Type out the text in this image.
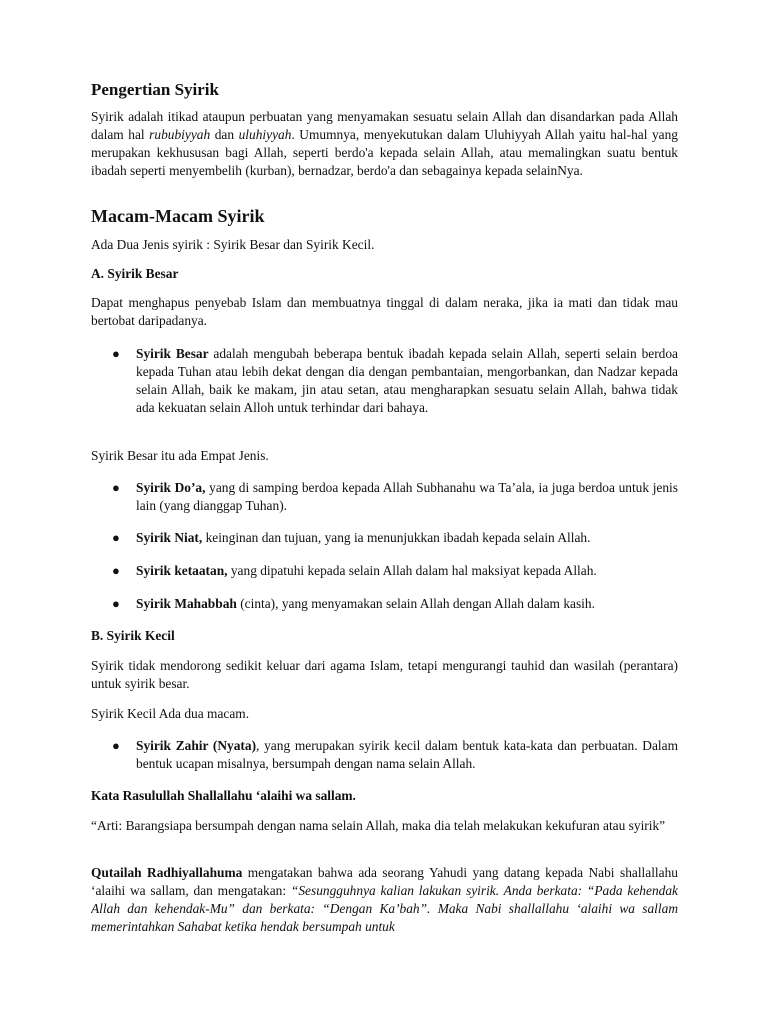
Pengertian Syirik

Syirik adalah itikad ataupun perbuatan yang menyamakan sesuatu selain Allah dan disandarkan pada Allah dalam hal rububiyyah dan uluhiyyah. Umumnya, menyekutukan dalam Uluhiyyah Allah yaitu hal-hal yang merupakan kekhususan bagi Allah, seperti berdo'a kepada selain Allah, atau memalingkan suatu bentuk ibadah seperti menyembelih (kurban), bernadzar, berdo'a dan sebagainya kepada selainNya.

Macam-Macam Syirik

Ada Dua Jenis syirik : Syirik Besar dan Syirik Kecil.

A. Syirik Besar

Dapat menghapus penyebab Islam dan membuatnya tinggal di dalam neraka, jika ia mati dan tidak mau bertobat daripadanya.

● Syirik Besar adalah mengubah beberapa bentuk ibadah kepada selain Allah, seperti selain berdoa kepada Tuhan atau lebih dekat dengan dia dengan pembantaian, mengorbankan, dan Nadzar kepada selain Allah, baik ke makam, jin atau setan, atau mengharapkan sesuatu selain Allah, bahwa tidak ada kekuatan selain Alloh untuk terhindar dari bahaya.

Syirik Besar itu ada Empat Jenis.

● Syirik Do’a, yang di samping berdoa kepada Allah Subhanahu wa Ta’ala, ia juga berdoa untuk jenis lain (yang dianggap Tuhan).
● Syirik Niat, keinginan dan tujuan, yang ia menunjukkan ibadah kepada selain Allah.
● Syirik ketaatan, yang dipatuhi kepada selain Allah dalam hal maksiyat kepada Allah.
● Syirik Mahabbah (cinta), yang menyamakan selain Allah dengan Allah dalam kasih.

B. Syirik Kecil

Syirik tidak mendorong sedikit keluar dari agama Islam, tetapi mengurangi tauhid dan wasilah (perantara) untuk syirik besar.

Syirik Kecil Ada dua macam.

● Syirik Zahir (Nyata), yang merupakan syirik kecil dalam bentuk kata-kata dan perbuatan. Dalam bentuk ucapan misalnya, bersumpah dengan nama selain Allah.

Kata Rasulullah Shallallahu ‘alaihi wa sallam.

“Arti: Barangsiapa bersumpah dengan nama selain Allah, maka dia telah melakukan kekufuran atau syirik”

Qutailah Radhiyallahuma mengatakan bahwa ada seorang Yahudi yang datang kepada Nabi shallallahu ‘alaihi wa sallam, dan mengatakan: “Sesungguhnya kalian lakukan syirik. Anda berkata: “Pada kehendak Allah dan kehendak-Mu” dan berkata: “Dengan Ka’bah”. Maka Nabi shallallahu ‘alaihi wa sallam memerintahkan Sahabat ketika hendak bersumpah untuk
